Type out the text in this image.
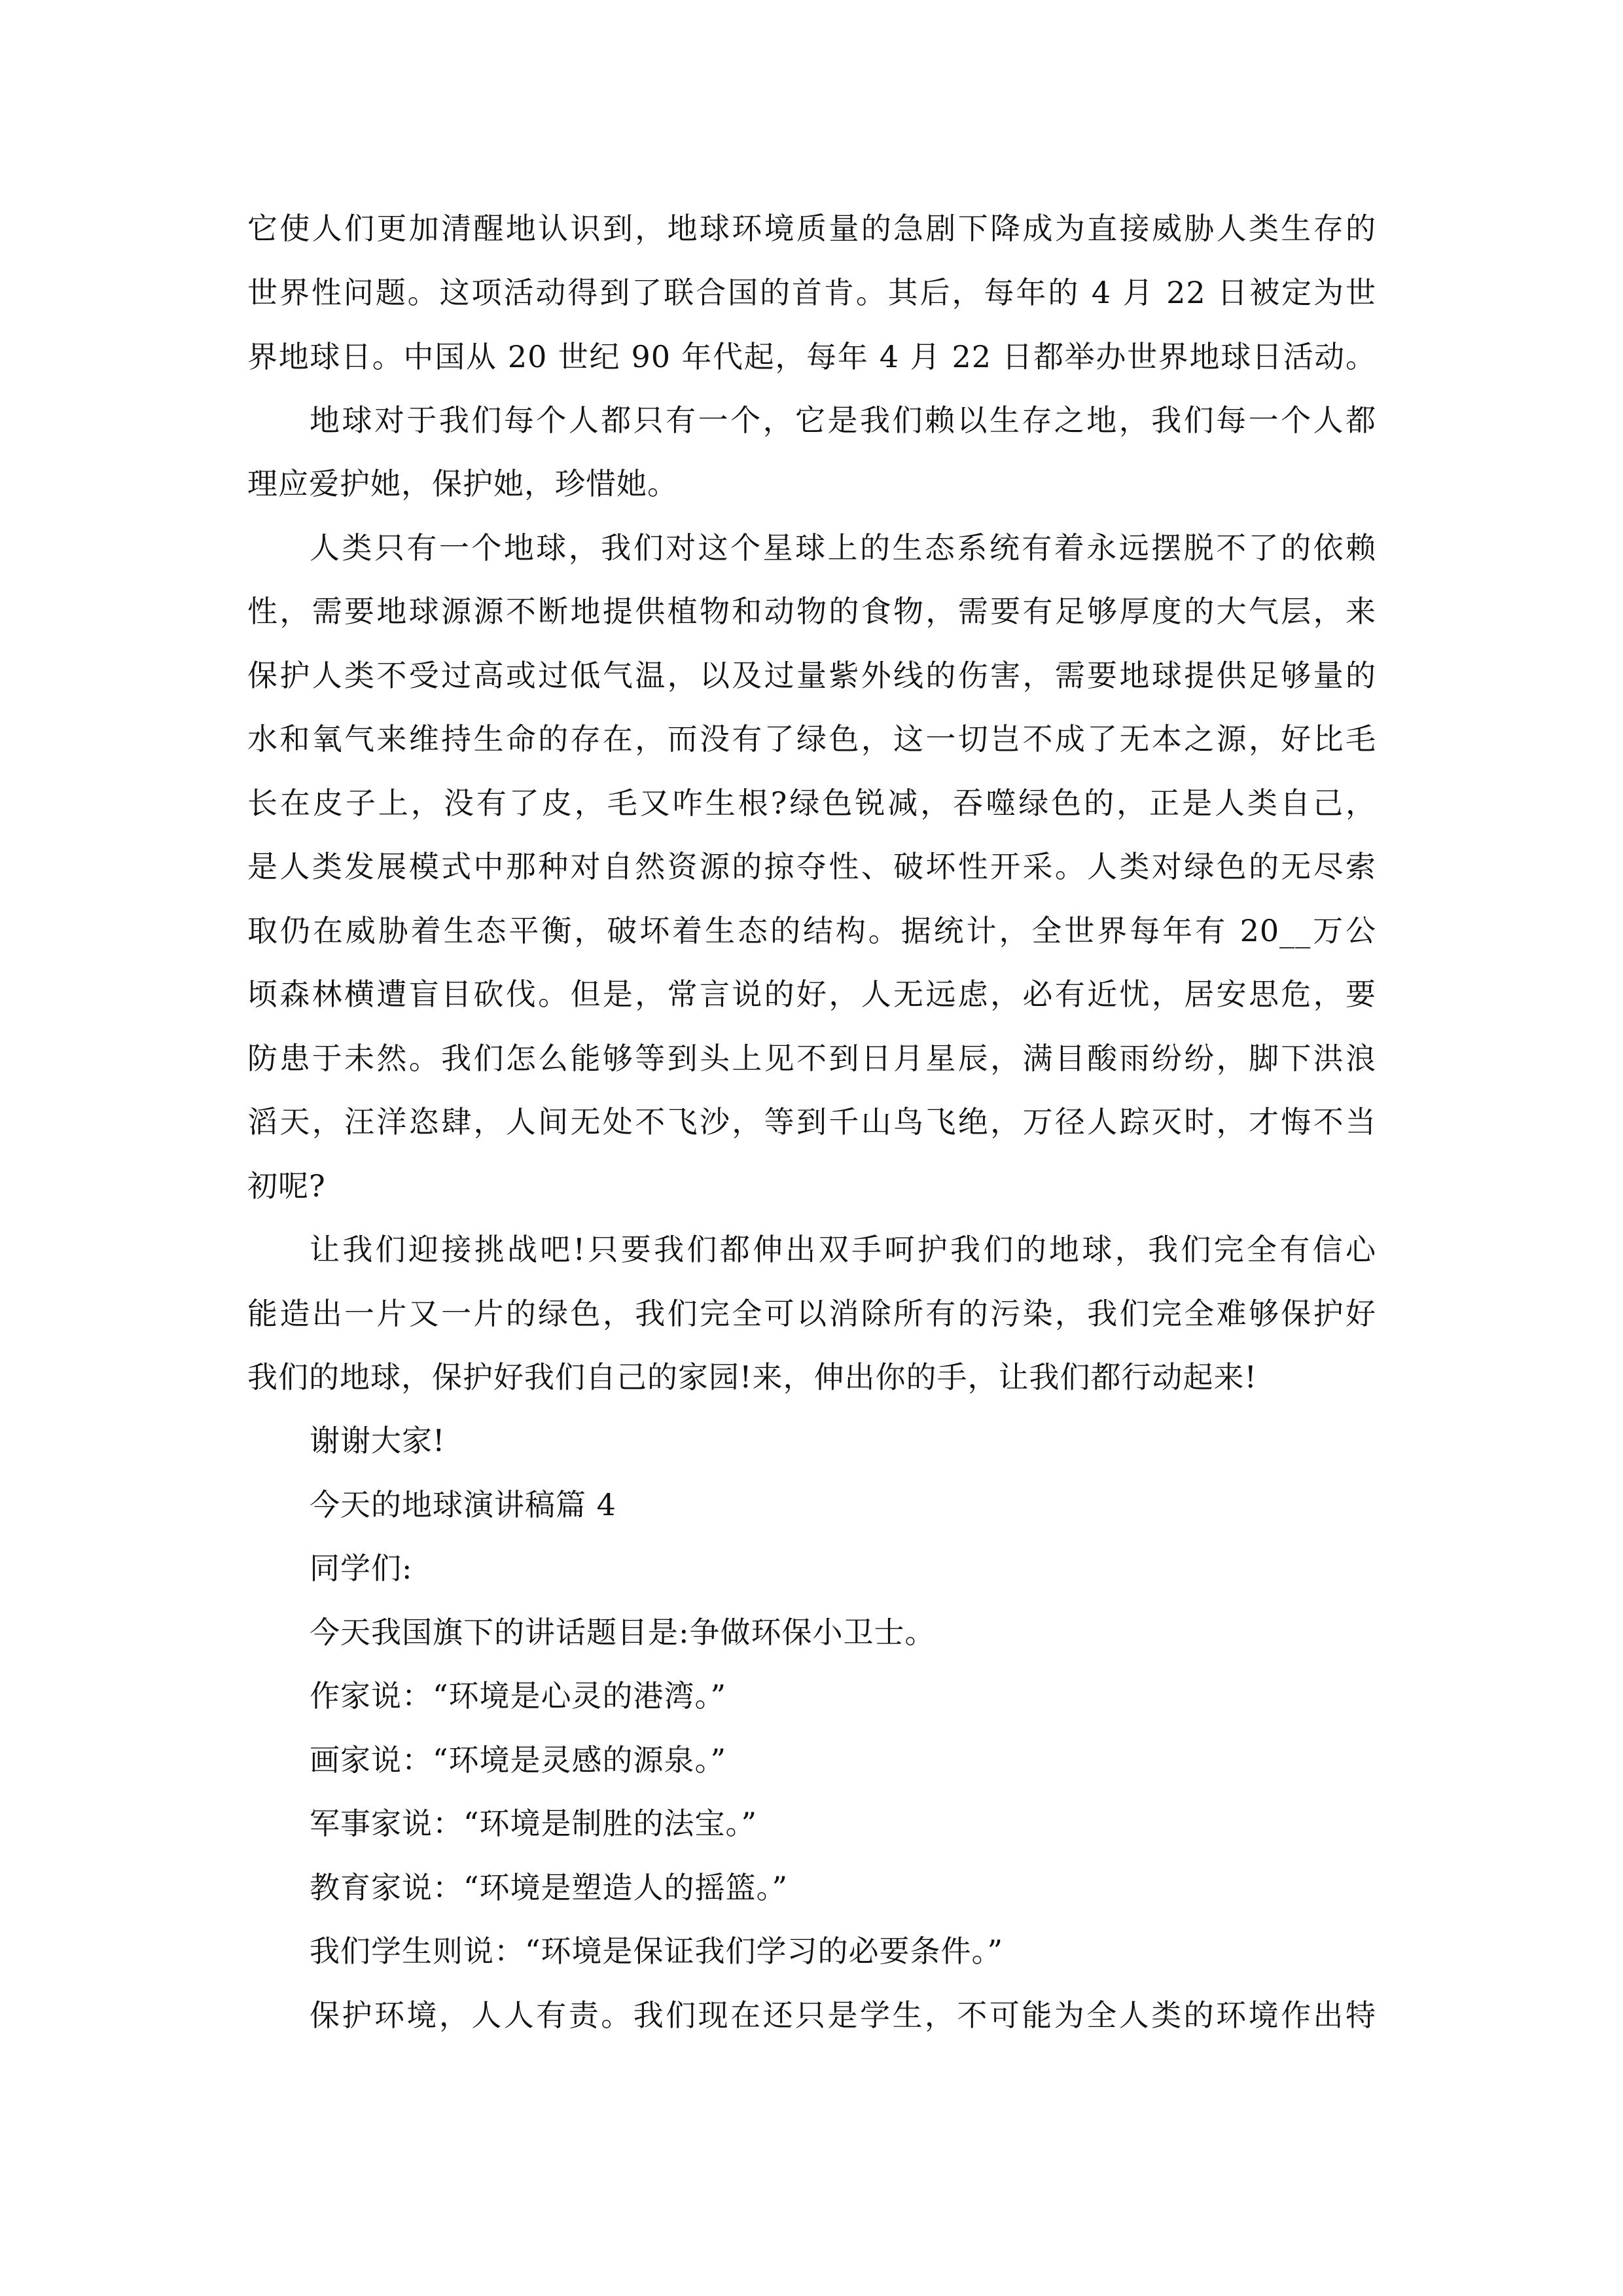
它使人们更加清醒地认识到，地球环境质量的急剧下降成为直接威胁人类生存的
世界性问题。这项活动得到了联合国的首肯。其后，每年的 4 月 22 日被定为世
界地球日。中国从 20 世纪 90 年代起，每年 4 月 22 日都举办世界地球日活动。
地球对于我们每个人都只有一个，它是我们赖以生存之地，我们每一个人都
理应爱护她，保护她，珍惜她。
人类只有一个地球，我们对这个星球上的生态系统有着永远摆脱不了的依赖
性，需要地球源源不断地提供植物和动物的食物，需要有足够厚度的大气层，来
保护人类不受过高或过低气温，以及过量紫外线的伤害，需要地球提供足够量的
水和氧气来维持生命的存在，而没有了绿色，这一切岂不成了无本之源，好比毛
长在皮子上，没有了皮，毛又咋生根?绿色锐减，吞噬绿色的，正是人类自己，
是人类发展模式中那种对自然资源的掠夺性、破坏性开采。人类对绿色的无尽索
取仍在威胁着生态平衡，破坏着生态的结构。据统计，全世界每年有 20__万公
顷森林横遭盲目砍伐。但是，常言说的好，人无远虑，必有近忧，居安思危，要
防患于未然。我们怎么能够等到头上见不到日月星辰，满目酸雨纷纷，脚下洪浪
滔天，汪洋恣肆，人间无处不飞沙，等到千山鸟飞绝，万径人踪灭时，才悔不当
初呢?
让我们迎接挑战吧!只要我们都伸出双手呵护我们的地球，我们完全有信心
能造出一片又一片的绿色，我们完全可以消除所有的污染，我们完全难够保护好
我们的地球，保护好我们自己的家园!来，伸出你的手，让我们都行动起来!
谢谢大家!
今天的地球演讲稿篇 4
同学们:
今天我国旗下的讲话题目是:争做环保小卫士。
作家说：“环境是心灵的港湾。”
画家说：“环境是灵感的源泉。”
军事家说：“环境是制胜的法宝。”
教育家说：“环境是塑造人的摇篮。”
我们学生则说：“环境是保证我们学习的必要条件。”
保护环境，人人有责。我们现在还只是学生，不可能为全人类的环境作出特
